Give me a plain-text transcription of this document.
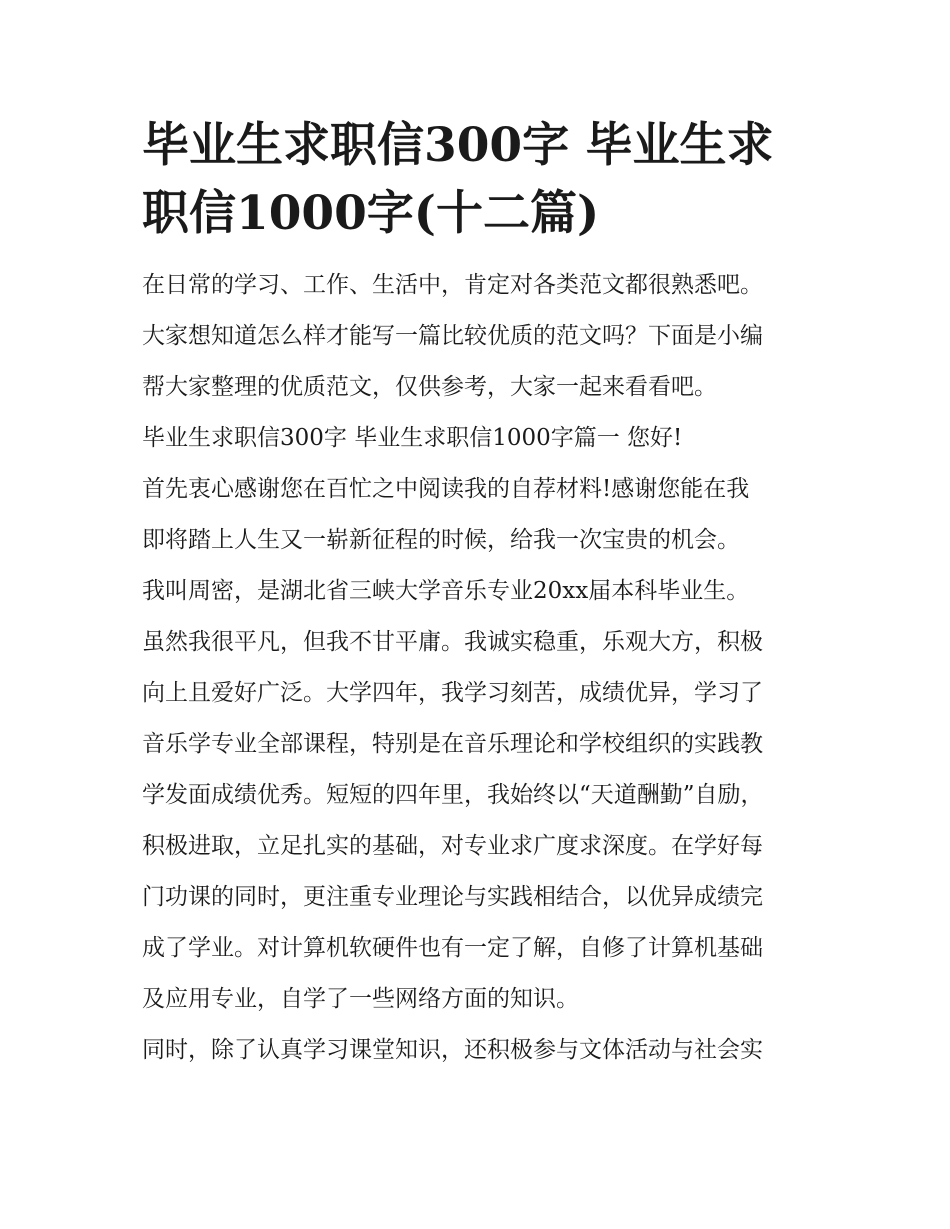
毕业生求职信300字 毕业生求
职信1000字(十二篇)

在日常的学习、工作、生活中，肯定对各类范文都很熟悉吧。
大家想知道怎么样才能写一篇比较优质的范文吗？下面是小编
帮大家整理的优质范文，仅供参考，大家一起来看看吧。

毕业生求职信300字 毕业生求职信1000字篇一 您好!

首先衷心感谢您在百忙之中阅读我的自荐材料!感谢您能在我
即将踏上人生又一崭新征程的时候，给我一次宝贵的机会。

我叫周密，是湖北省三峡大学音乐专业20xx届本科毕业生。
虽然我很平凡，但我不甘平庸。我诚实稳重，乐观大方，积极
向上且爱好广泛。大学四年，我学习刻苦，成绩优异，学习了
音乐学专业全部课程，特别是在音乐理论和学校组织的实践教
学发面成绩优秀。短短的四年里，我始终以“天道酬勤”自励，
积极进取，立足扎实的基础，对专业求广度求深度。在学好每
门功课的同时，更注重专业理论与实践相结合，以优异成绩完
成了学业。对计算机软硬件也有一定了解，自修了计算机基础
及应用专业，自学了一些网络方面的知识。

同时，除了认真学习课堂知识，还积极参与文体活动与社会实
